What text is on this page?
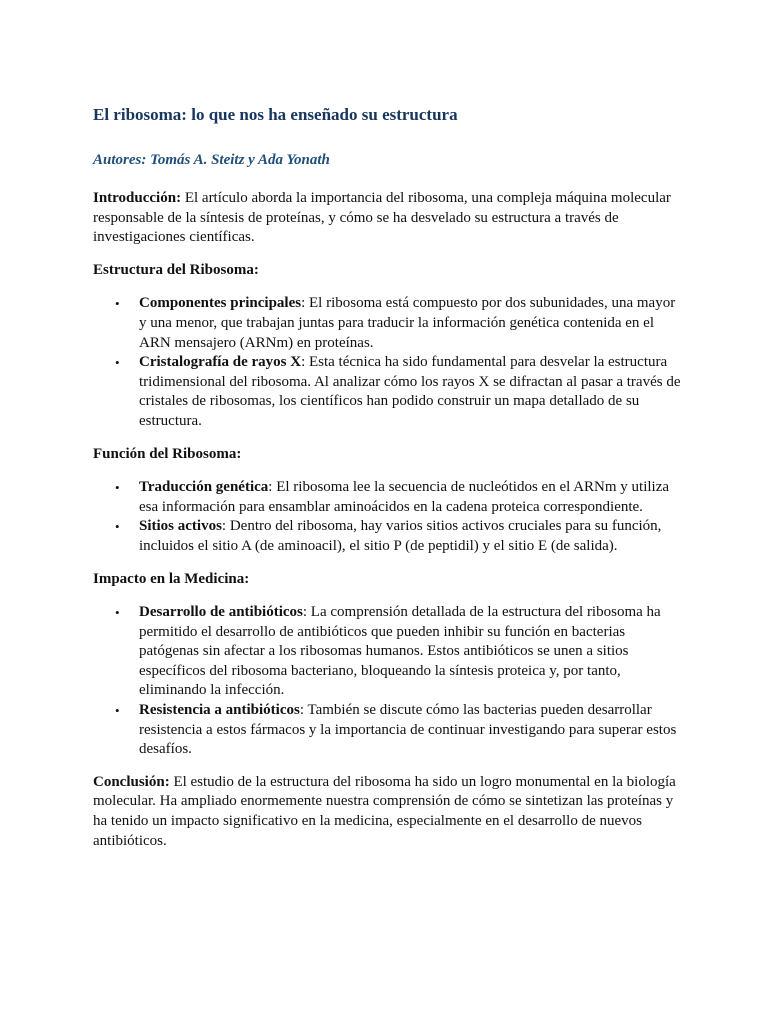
El ribosoma: lo que nos ha enseñado su estructura

Autores: Tomás A. Steitz y Ada Yonath

Introducción: El artículo aborda la importancia del ribosoma, una compleja máquina molecular responsable de la síntesis de proteínas, y cómo se ha desvelado su estructura a través de investigaciones científicas.

Estructura del Ribosoma:

• Componentes principales: El ribosoma está compuesto por dos subunidades, una mayor y una menor, que trabajan juntas para traducir la información genética contenida en el ARN mensajero (ARNm) en proteínas.
• Cristalografía de rayos X: Esta técnica ha sido fundamental para desvelar la estructura tridimensional del ribosoma. Al analizar cómo los rayos X se difractan al pasar a través de cristales de ribosomas, los científicos han podido construir un mapa detallado de su estructura.

Función del Ribosoma:

• Traducción genética: El ribosoma lee la secuencia de nucleótidos en el ARNm y utiliza esa información para ensamblar aminoácidos en la cadena proteica correspondiente.
• Sitios activos: Dentro del ribosoma, hay varios sitios activos cruciales para su función, incluidos el sitio A (de aminoacil), el sitio P (de peptidil) y el sitio E (de salida).

Impacto en la Medicina:

• Desarrollo de antibióticos: La comprensión detallada de la estructura del ribosoma ha permitido el desarrollo de antibióticos que pueden inhibir su función en bacterias patógenas sin afectar a los ribosomas humanos. Estos antibióticos se unen a sitios específicos del ribosoma bacteriano, bloqueando la síntesis proteica y, por tanto, eliminando la infección.
• Resistencia a antibióticos: También se discute cómo las bacterias pueden desarrollar resistencia a estos fármacos y la importancia de continuar investigando para superar estos desafíos.

Conclusión: El estudio de la estructura del ribosoma ha sido un logro monumental en la biología molecular. Ha ampliado enormemente nuestra comprensión de cómo se sintetizan las proteínas y ha tenido un impacto significativo en la medicina, especialmente en el desarrollo de nuevos antibióticos.
